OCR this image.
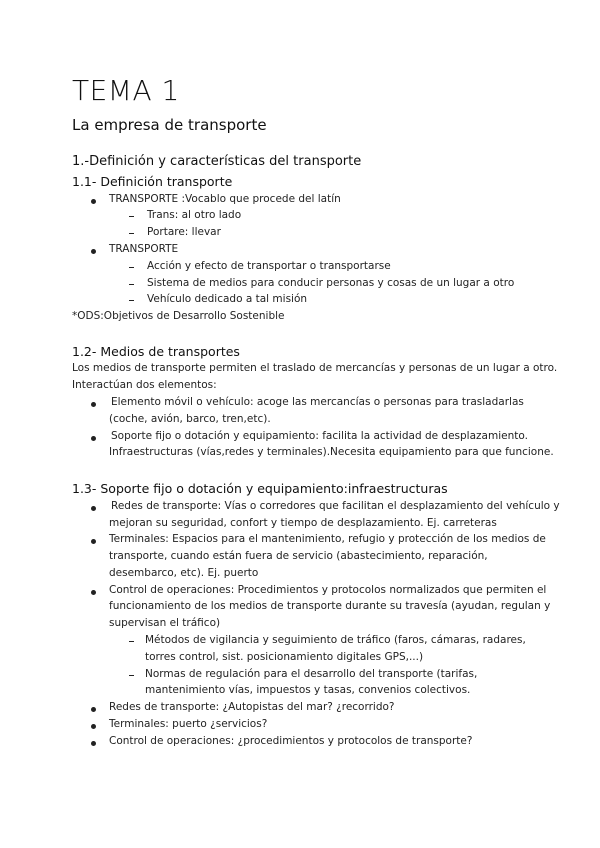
TEMA 1
La empresa de transporte
1.-Definición y características del transporte
1.1- Definición transporte
TRANSPORTE :Vocablo que procede del latín
Trans: al otro lado
Portare: llevar
TRANSPORTE
Acción y efecto de transportar o transportarse
Sistema de medios para conducir personas y cosas de un lugar a otro
Vehículo dedicado a tal misión
*ODS:Objetivos de Desarrollo Sostenible
1.2- Medios de transportes
Los medios de transporte permiten el traslado de mercancías y personas de un lugar a otro.
Interactúan dos elementos:
Elemento móvil o vehículo: acoge las mercancías o personas para trasladarlas
(coche, avión, barco, tren,etc).
Soporte fijo o dotación y equipamiento: facilita la actividad de desplazamiento.
Infraestructuras (vías,redes y terminales).Necesita equipamiento para que funcione.
1.3- Soporte fijo o dotación y equipamiento:infraestructuras
Redes de transporte: Vías o corredores que facilitan el desplazamiento del vehículo y
mejoran su seguridad, confort y tiempo de desplazamiento. Ej. carreteras
Terminales: Espacios para el mantenimiento, refugio y protección de los medios de
transporte, cuando están fuera de servicio (abastecimiento, reparación,
desembarco, etc). Ej. puerto
Control de operaciones: Procedimientos y protocolos normalizados que permiten el
funcionamiento de los medios de transporte durante su travesía (ayudan, regulan y
supervisan el tráfico)
Métodos de vigilancia y seguimiento de tráfico (faros, cámaras, radares,
torres control, sist. posicionamiento digitales GPS,...)
Normas de regulación para el desarrollo del transporte (tarifas,
mantenimiento vías, impuestos y tasas, convenios colectivos.
Redes de transporte: ¿Autopistas del mar? ¿recorrido?
Terminales: puerto ¿servicios?
Control de operaciones: ¿procedimientos y protocolos de transporte?
